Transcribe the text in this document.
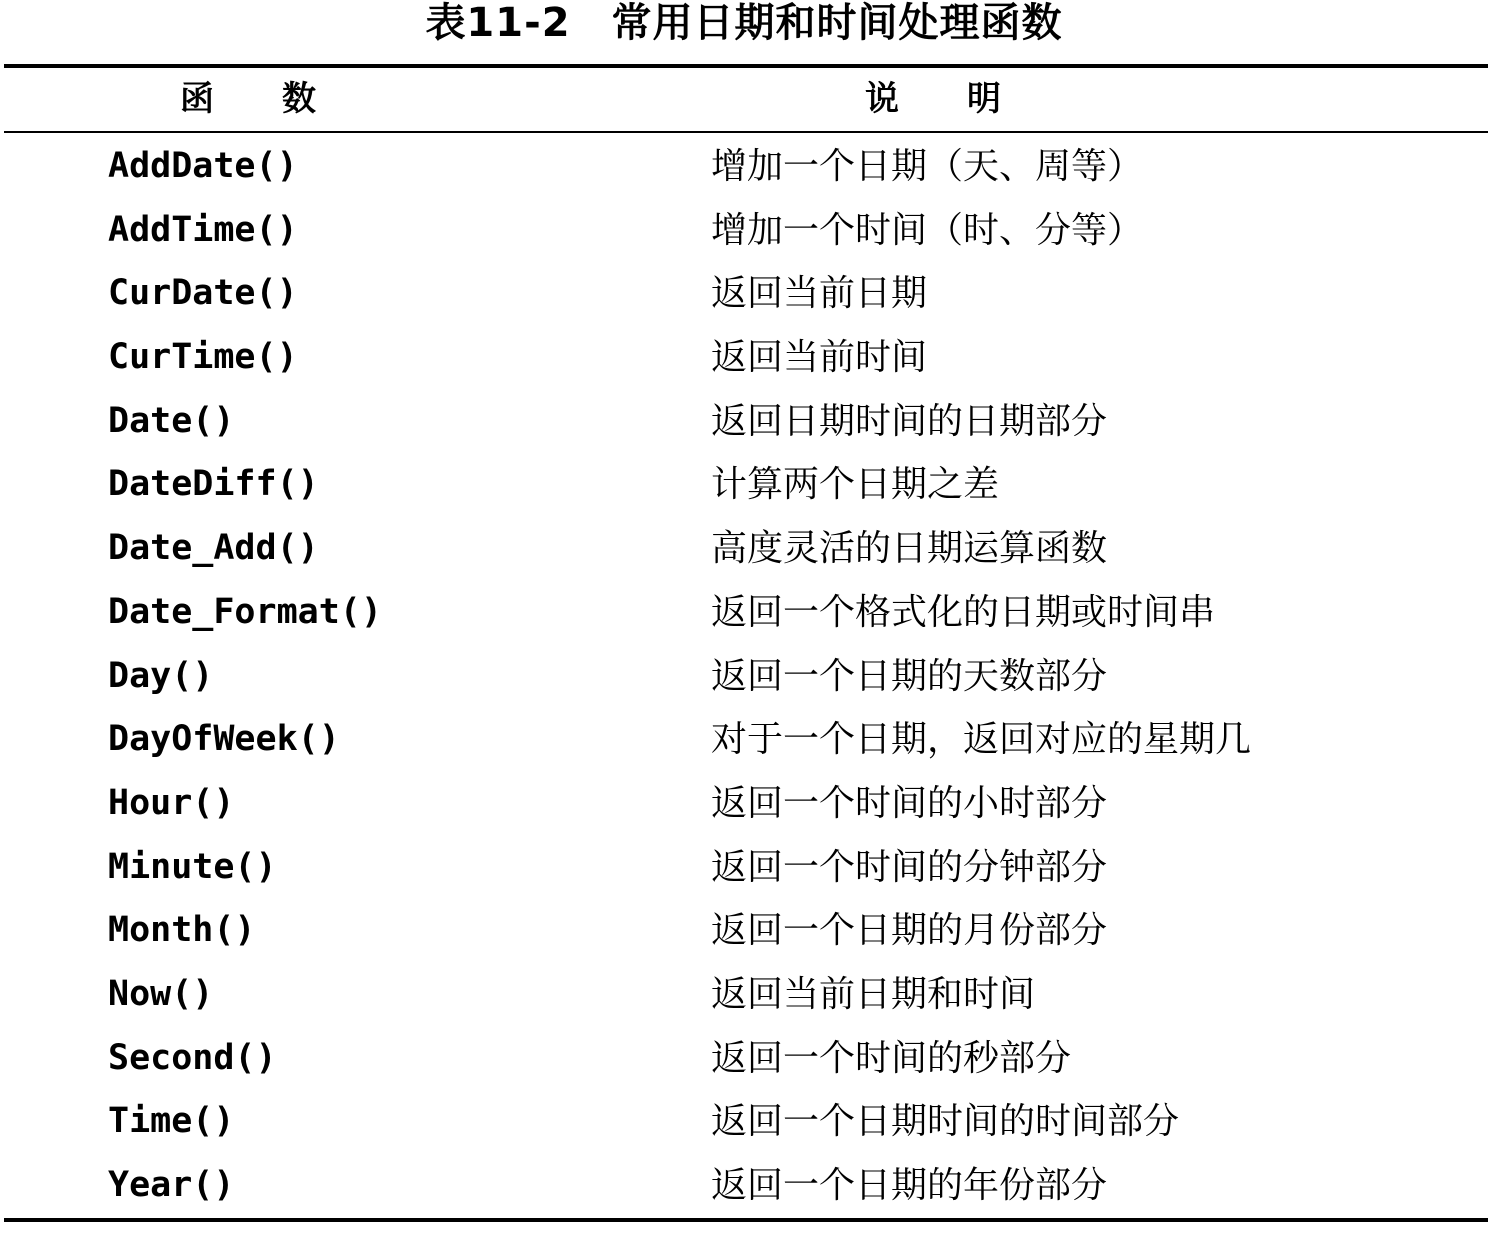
表11-2　常用日期和时间处理函数
函　　数	说　　明
AddDate()	增加一个日期（天、周等）
AddTime()	增加一个时间（时、分等）
CurDate()	返回当前日期
CurTime()	返回当前时间
Date()	返回日期时间的日期部分
DateDiff()	计算两个日期之差
Date_Add()	高度灵活的日期运算函数
Date_Format()	返回一个格式化的日期或时间串
Day()	返回一个日期的天数部分
DayOfWeek()	对于一个日期，返回对应的星期几
Hour()	返回一个时间的小时部分
Minute()	返回一个时间的分钟部分
Month()	返回一个日期的月份部分
Now()	返回当前日期和时间
Second()	返回一个时间的秒部分
Time()	返回一个日期时间的时间部分
Year()	返回一个日期的年份部分
